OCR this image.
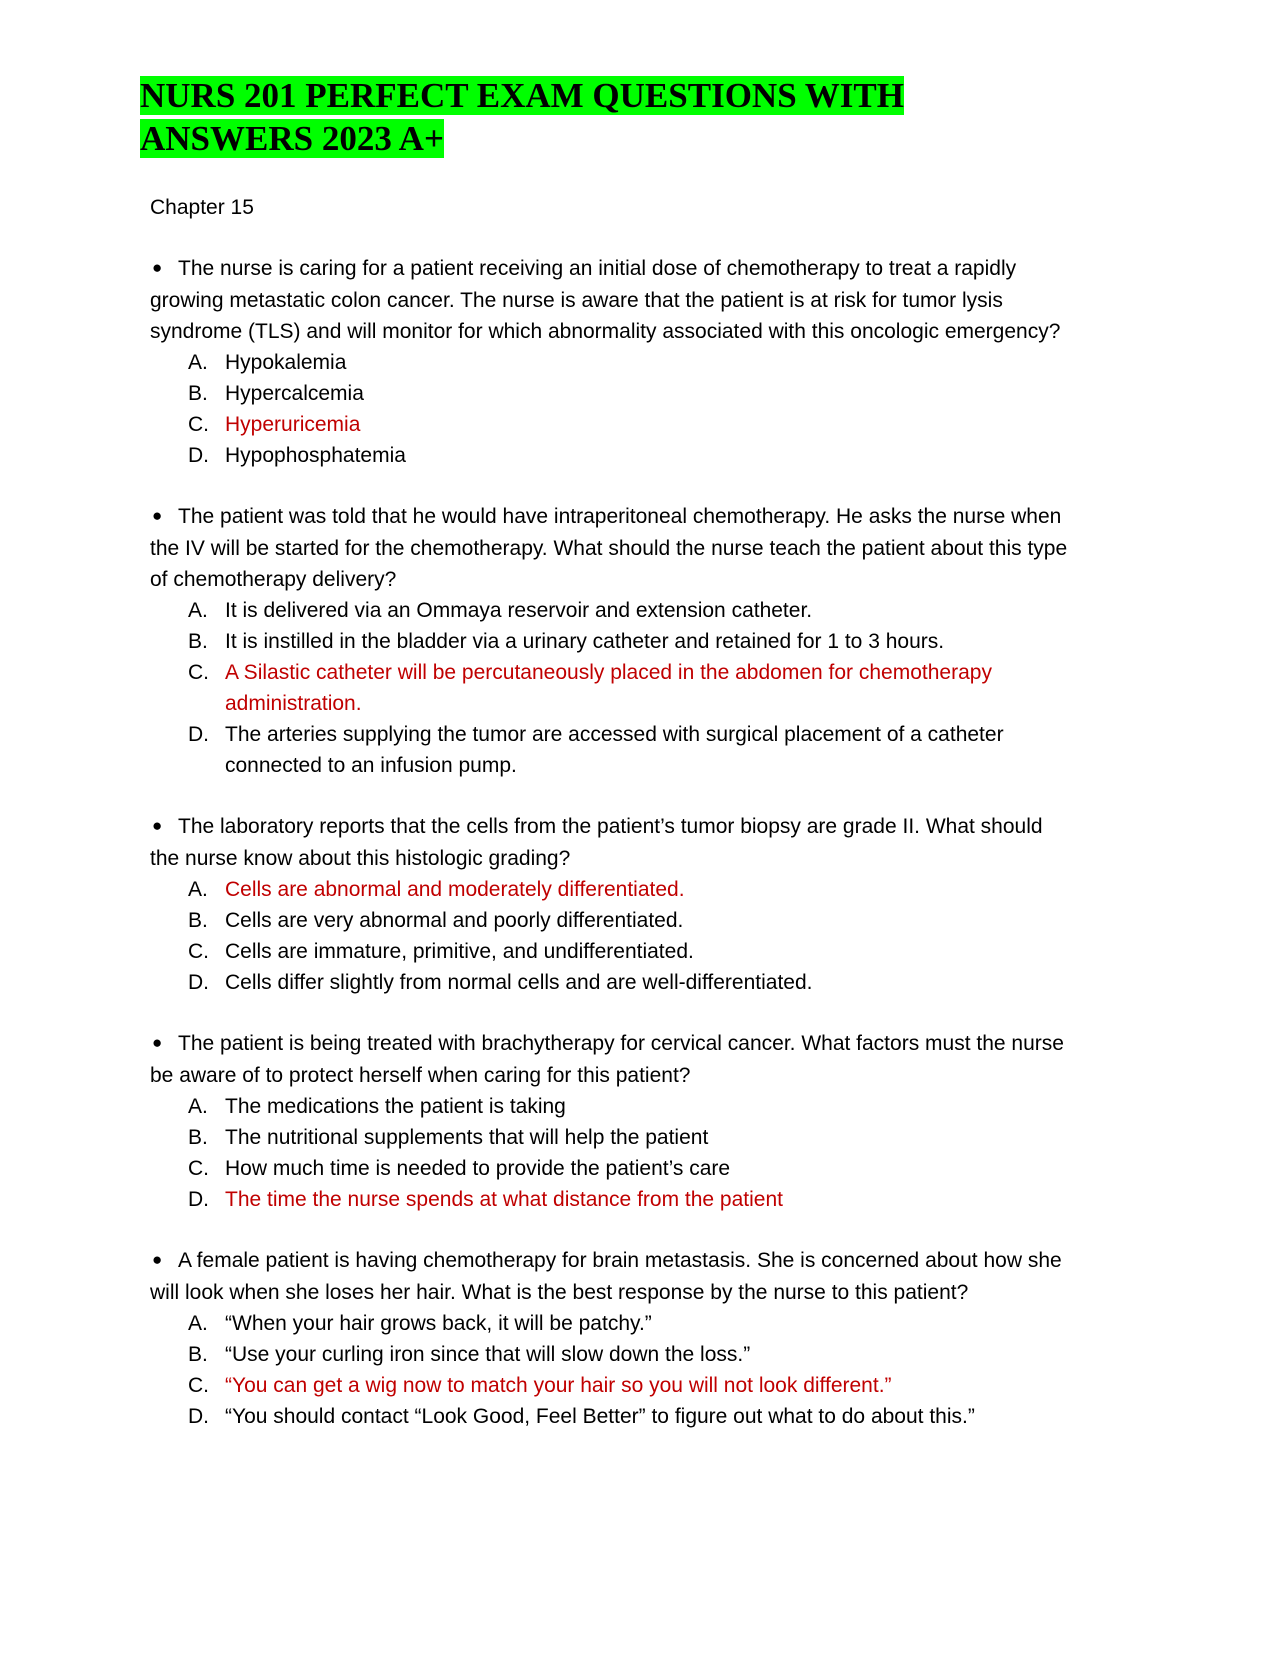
NURS 201 PERFECT EXAM QUESTIONS WITH ANSWERS 2023 A+

Chapter 15

● The nurse is caring for a patient receiving an initial dose of chemotherapy to treat a rapidly growing metastatic colon cancer. The nurse is aware that the patient is at risk for tumor lysis syndrome (TLS) and will monitor for which abnormality associated with this oncologic emergency?

A. Hypokalemia
B. Hypercalcemia
C. Hyperuricemia
D. Hypophosphatemia

● The patient was told that he would have intraperitoneal chemotherapy. He asks the nurse when the IV will be started for the chemotherapy. What should the nurse teach the patient about this type of chemotherapy delivery?

A. It is delivered via an Ommaya reservoir and extension catheter.
B. It is instilled in the bladder via a urinary catheter and retained for 1 to 3 hours.
C. A Silastic catheter will be percutaneously placed in the abdomen for chemotherapy administration.
D. The arteries supplying the tumor are accessed with surgical placement of a catheter connected to an infusion pump.

● The laboratory reports that the cells from the patient’s tumor biopsy are grade II. What should the nurse know about this histologic grading?

A. Cells are abnormal and moderately differentiated.
B. Cells are very abnormal and poorly differentiated.
C. Cells are immature, primitive, and undifferentiated.
D. Cells differ slightly from normal cells and are well-differentiated.

● The patient is being treated with brachytherapy for cervical cancer. What factors must the nurse be aware of to protect herself when caring for this patient?

A. The medications the patient is taking
B. The nutritional supplements that will help the patient
C. How much time is needed to provide the patient’s care
D. The time the nurse spends at what distance from the patient

● A female patient is having chemotherapy for brain metastasis. She is concerned about how she will look when she loses her hair. What is the best response by the nurse to this patient?

A. “When your hair grows back, it will be patchy.”
B. “Use your curling iron since that will slow down the loss.”
C. “You can get a wig now to match your hair so you will not look different.”
D. “You should contact “Look Good, Feel Better” to figure out what to do about this.”
